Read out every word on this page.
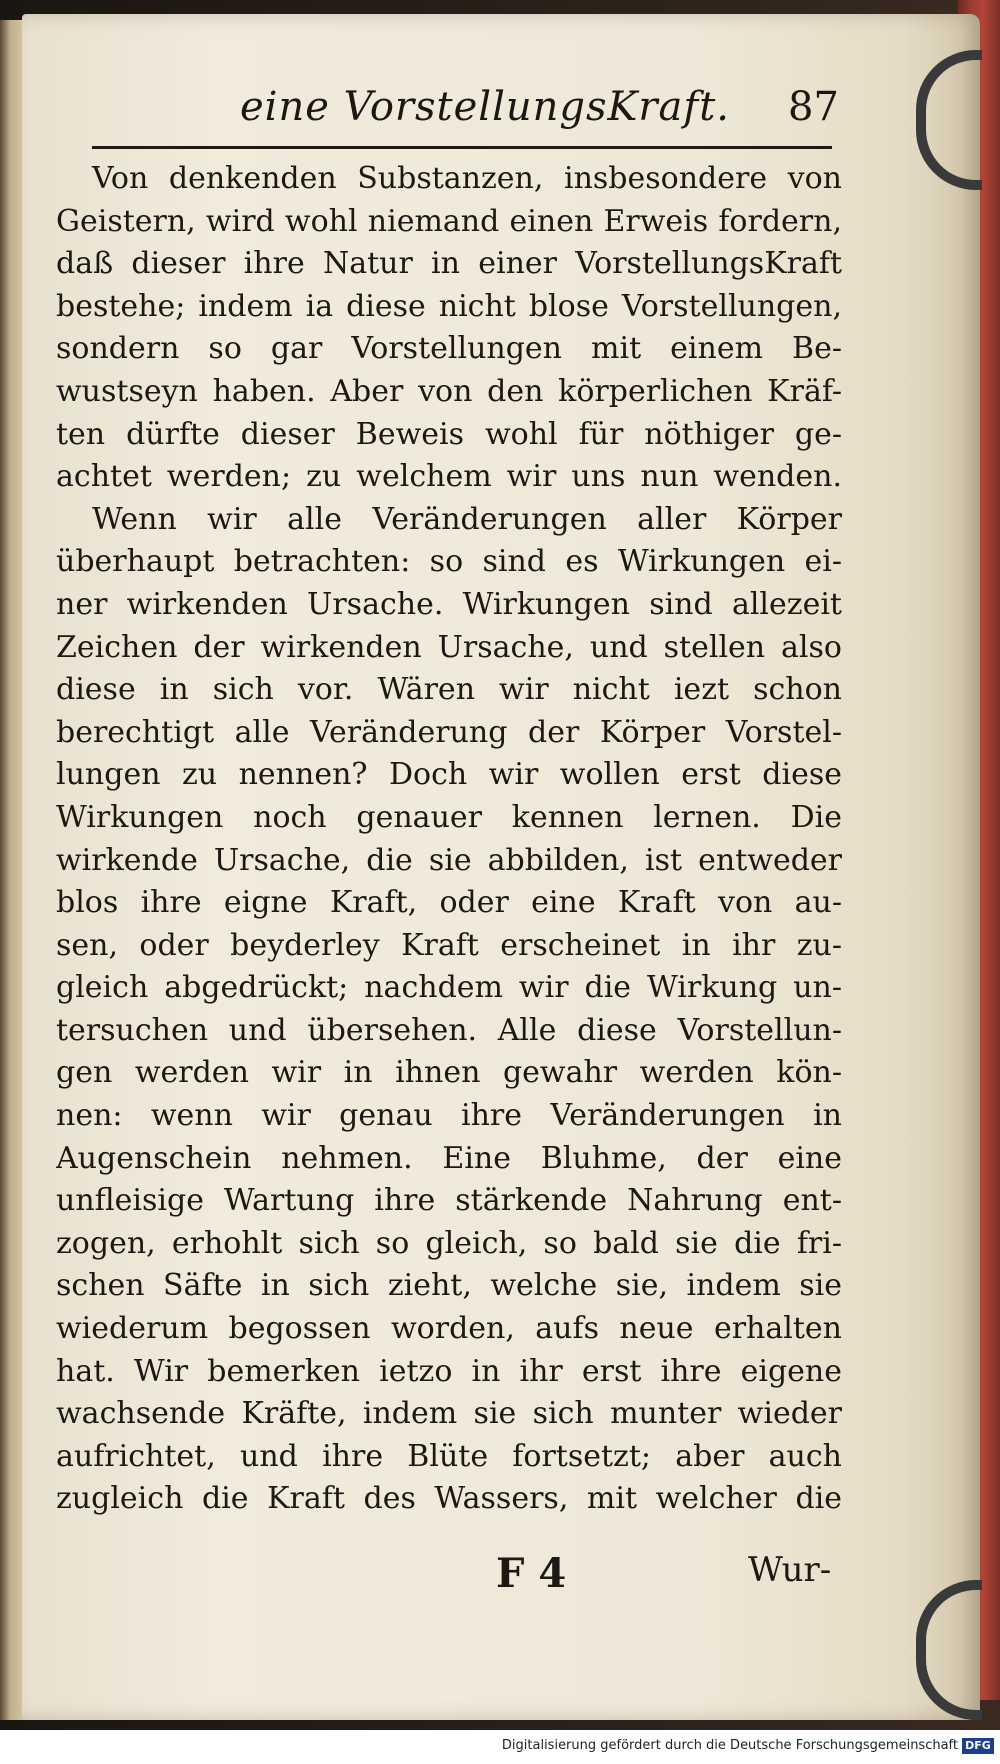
eine VorstellungsKraft. 87
Von denkenden Substanzen, insbesondere von
Geistern, wird wohl niemand einen Erweis fordern,
daß dieser ihre Natur in einer VorstellungsKraft
bestehe; indem ia diese nicht blose Vorstellungen,
sondern so gar Vorstellungen mit einem Be-
wustseyn haben. Aber von den körperlichen Kräf-
ten dürfte dieser Beweis wohl für nöthiger ge-
achtet werden; zu welchem wir uns nun wenden.
Wenn wir alle Veränderungen aller Körper
überhaupt betrachten: so sind es Wirkungen ei-
ner wirkenden Ursache. Wirkungen sind allezeit
Zeichen der wirkenden Ursache, und stellen also
diese in sich vor. Wären wir nicht iezt schon
berechtigt alle Veränderung der Körper Vorstel-
lungen zu nennen? Doch wir wollen erst diese
Wirkungen noch genauer kennen lernen. Die
wirkende Ursache, die sie abbilden, ist entweder
blos ihre eigne Kraft, oder eine Kraft von au-
sen, oder beyderley Kraft erscheinet in ihr zu-
gleich abgedrückt; nachdem wir die Wirkung un-
tersuchen und übersehen. Alle diese Vorstellun-
gen werden wir in ihnen gewahr werden kön-
nen: wenn wir genau ihre Veränderungen in
Augenschein nehmen. Eine Bluhme, der eine
unfleisige Wartung ihre stärkende Nahrung ent-
zogen, erhohlt sich so gleich, so bald sie die fri-
schen Säfte in sich zieht, welche sie, indem sie
wiederum begossen worden, aufs neue erhalten
hat. Wir bemerken ietzo in ihr erst ihre eigene
wachsende Kräfte, indem sie sich munter wieder
aufrichtet, und ihre Blüte fortsetzt; aber auch
zugleich die Kraft des Wassers, mit welcher die
F 4	Wur-
Digitalisierung gefördert durch die Deutsche Forschungsgemeinschaft DFG
